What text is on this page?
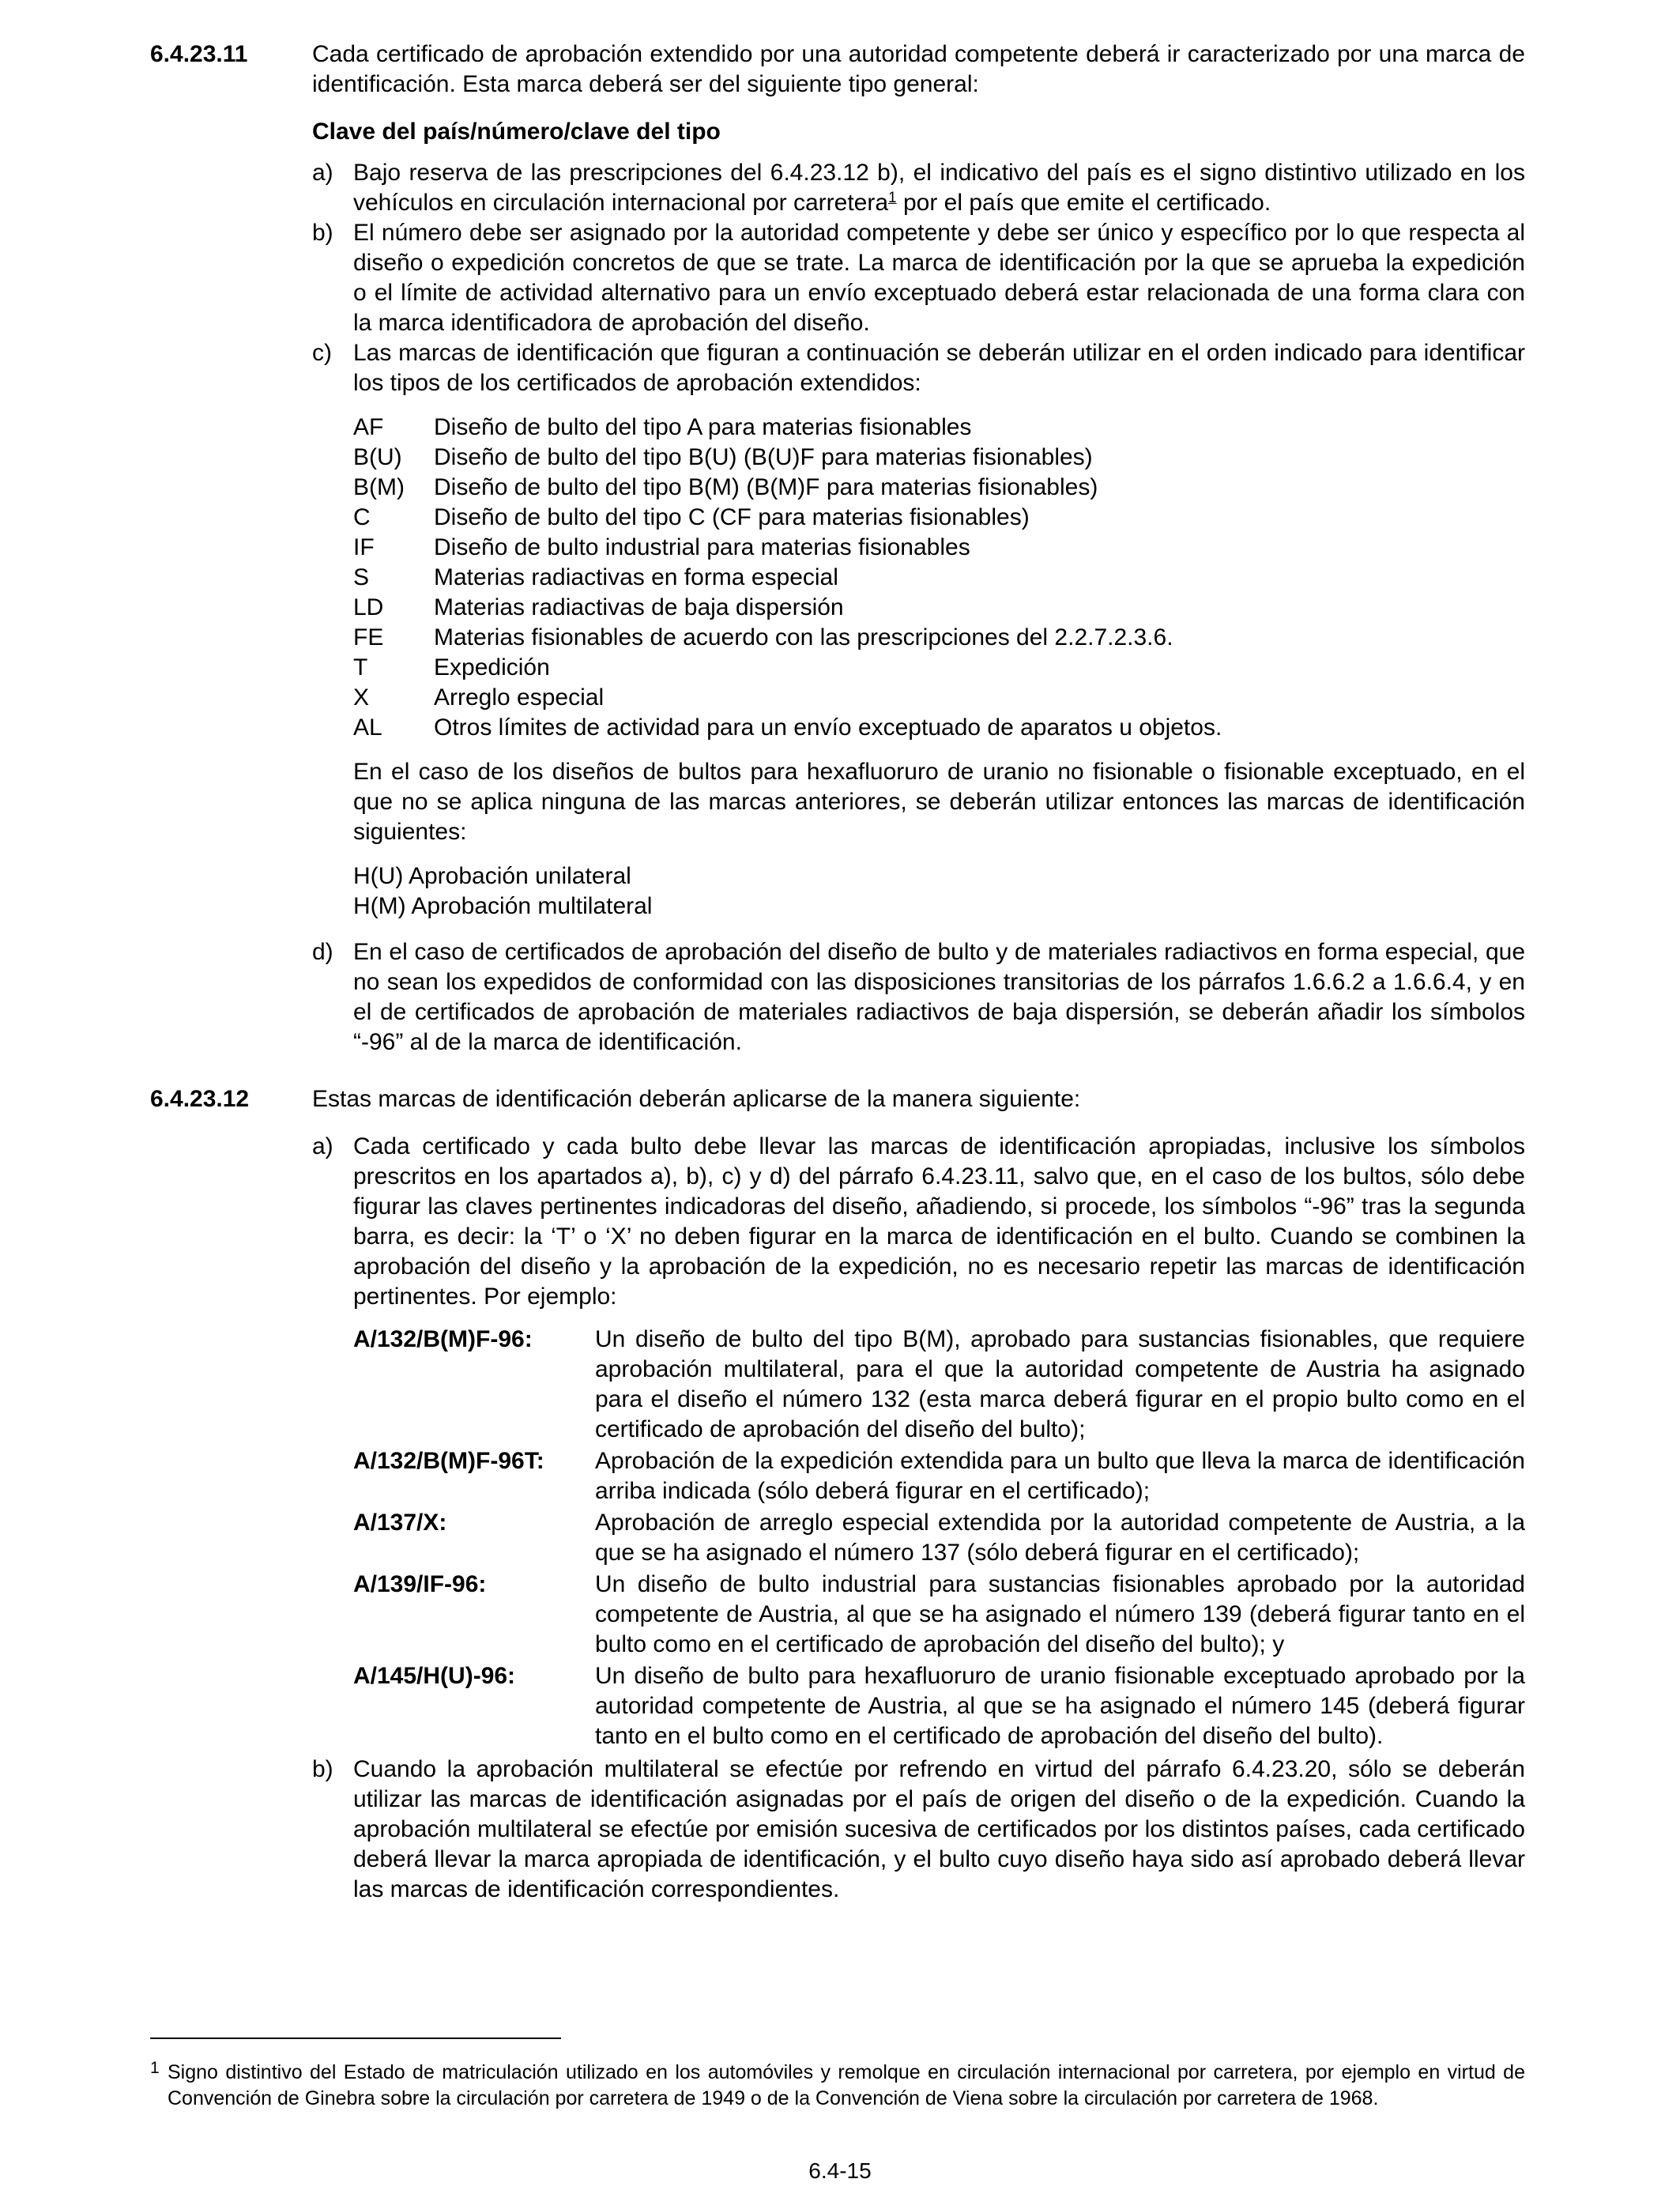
6.4.23.11	Cada certificado de aprobación extendido por una autoridad competente deberá ir caracterizado por una marca de identificación. Esta marca deberá ser del siguiente tipo general:

Clave del país/número/clave del tipo
a) Bajo reserva de las prescripciones del 6.4.23.12 b), el indicativo del país es el signo distintivo utilizado en los vehículos en circulación internacional por carretera$^1$ por el país que emite el certificado.
b) El número debe ser asignado por la autoridad competente y debe ser único y específico por lo que respecta al diseño o expedición concretos de que se trate. La marca de identificación por la que se aprueba la expedición o el límite de actividad alternativo para un envío exceptuado deberá estar relacionada de una forma clara con la marca identificadora de aprobación del diseño.
c) Las marcas de identificación que figuran a continuación se deberán utilizar en el orden indicado para identificar los tipos de los certificados de aprobación extendidos:
AF	Diseño de bulto del tipo A para materias fisionables
B(U)	Diseño de bulto del tipo B(U) (B(U)F para materias fisionables)
B(M)	Diseño de bulto del tipo B(M) (B(M)F para materias fisionables)
C	Diseño de bulto del tipo C (CF para materias fisionables)
IF	Diseño de bulto industrial para materias fisionables
S	Materias radiactivas en forma especial
LD	Materias radiactivas de baja dispersión
FE	Materias fisionables de acuerdo con las prescripciones del 2.2.7.2.3.6.
T	Expedición
X	Arreglo especial
AL	Otros límites de actividad para un envío exceptuado de aparatos u objetos.

En el caso de los diseños de bultos para hexafluoruro de uranio no fisionable o fisionable exceptuado, en el que no se aplica ninguna de las marcas anteriores, se deberán utilizar entonces las marcas de identificación siguientes:

H(U) Aprobación unilateral
H(M) Aprobación multilateral
d) En el caso de certificados de aprobación del diseño de bulto y de materiales radiactivos en forma especial, que no sean los expedidos de conformidad con las disposiciones transitorias de los párrafos 1.6.6.2 a 1.6.6.4, y en el de certificados de aprobación de materiales radiactivos de baja dispersión, se deberán añadir los símbolos “-96” al de la marca de identificación.
6.4.23.12	Estas marcas de identificación deberán aplicarse de la manera siguiente:

a) Cada certificado y cada bulto debe llevar las marcas de identificación apropiadas, inclusive los símbolos prescritos en los apartados a), b), c) y d) del párrafo 6.4.23.11, salvo que, en el caso de los bultos, sólo debe figurar las claves pertinentes indicadoras del diseño, añadiendo, si procede, los símbolos “-96” tras la segunda barra, es decir: la ‘T’ o ‘X’ no deben figurar en la marca de identificación en el bulto. Cuando se combinen la aprobación del diseño y la aprobación de la expedición, no es necesario repetir las marcas de identificación pertinentes. Por ejemplo:
A/132/B(M)F-96:	Un diseño de bulto del tipo B(M), aprobado para sustancias fisionables, que requiere aprobación multilateral, para el que la autoridad competente de Austria ha asignado para el diseño el número 132 (esta marca deberá figurar en el propio bulto como en el certificado de aprobación del diseño del bulto);
A/132/B(M)F-96T:	Aprobación de la expedición extendida para un bulto que lleva la marca de identificación arriba indicada (sólo deberá figurar en el certificado);
A/137/X:	Aprobación de arreglo especial extendida por la autoridad competente de Austria, a la que se ha asignado el número 137 (sólo deberá figurar en el certificado);
A/139/IF-96:	Un diseño de bulto industrial para sustancias fisionables aprobado por la autoridad competente de Austria, al que se ha asignado el número 139 (deberá figurar tanto en el bulto como en el certificado de aprobación del diseño del bulto); y
A/145/H(U)-96:	Un diseño de bulto para hexafluoruro de uranio fisionable exceptuado aprobado por la autoridad competente de Austria, al que se ha asignado el número 145 (deberá figurar tanto en el bulto como en el certificado de aprobación del diseño del bulto).
b) Cuando la aprobación multilateral se efectúe por refrendo en virtud del párrafo 6.4.23.20, sólo se deberán utilizar las marcas de identificación asignadas por el país de origen del diseño o de la expedición. Cuando la aprobación multilateral se efectúe por emisión sucesiva de certificados por los distintos países, cada certificado deberá llevar la marca apropiada de identificación, y el bulto cuyo diseño haya sido así aprobado deberá llevar las marcas de identificación correspondientes.
1 Signo distintivo del Estado de matriculación utilizado en los automóviles y remolque en circulación internacional por carretera, por ejemplo en virtud de Convención de Ginebra sobre la circulación por carretera de 1949 o de la Convención de Viena sobre la circulación por carretera de 1968.
6.4-15
